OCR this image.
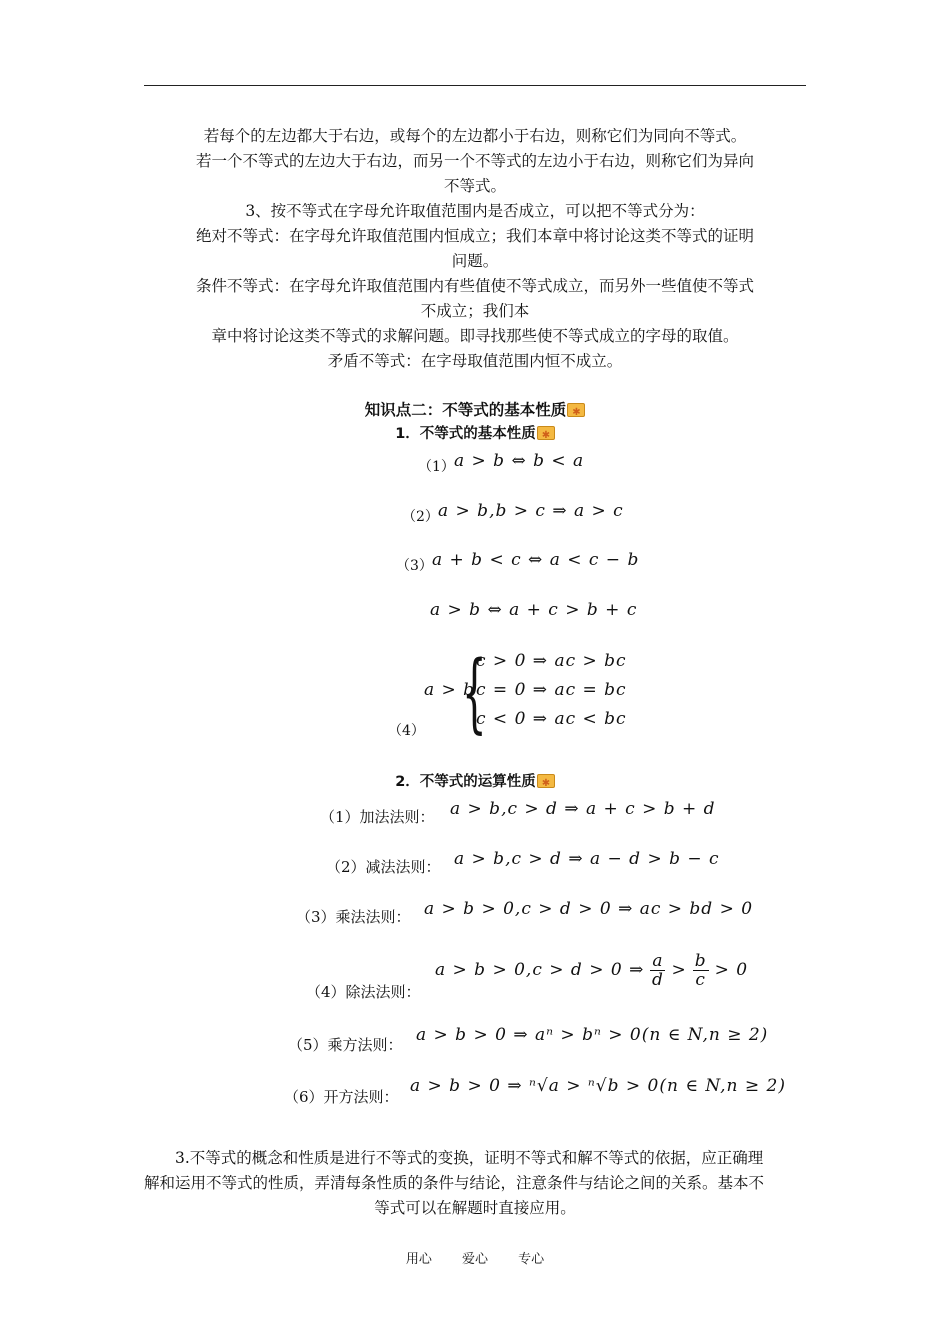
若每个的左边都大于右边，或每个的左边都小于右边，则称它们为同向不等式。
若一个不等式的左边大于右边，而另一个不等式的左边小于右边，则称它们为异向
不等式。
3、按不等式在字母允许取值范围内是否成立，可以把不等式分为：
绝对不等式：在字母允许取值范围内恒成立；我们本章中将讨论这类不等式的证明
问题。
条件不等式：在字母允许取值范围内有些值使不等式成立，而另外一些值使不等式
不成立；我们本
章中将讨论这类不等式的求解问题。即寻找那些使不等式成立的字母的取值。
矛盾不等式：在字母取值范围内恒不成立。
知识点二：不等式的基本性质✱
1．不等式的基本性质✱
（1） a > b ⇔ b < a
（2） a > b,b > c ⇒ a > c
（3） a + b < c ⇔ a < c − b
a > b ⇔ a + c > b + c
a > b
{
c > 0 ⇒ ac > bc
c = 0 ⇒ ac = bc
c < 0 ⇒ ac < bc
（4）
2．不等式的运算性质✱
（1）加法法则： a > b,c > d ⇒ a + c > b + d
（2）减法法则： a > b,c > d ⇒ a − d > b − c
（3）乘法法则： a > b > 0,c > d > 0 ⇒ ac > bd > 0
（4）除法法则：
a > b > 0,c > d > 0 ⇒ $\frac{a}{d} > \frac{b}{c} > 0$
（5）乘方法则： a > b > 0 ⇒ aⁿ > bⁿ > 0(n ∈ N,n ≥ 2)
（6）开方法则：
a > b > 0 ⇒ ⁿ√a > ⁿ√b > 0(n ∈ N,n ≥ 2)
3.不等式的概念和性质是进行不等式的变换，证明不等式和解不等式的依据，应正确理
解和运用不等式的性质，弄清每条性质的条件与结论，注意条件与结论之间的关系。基本不
等式可以在解题时直接应用。
用心 爱心 专心
